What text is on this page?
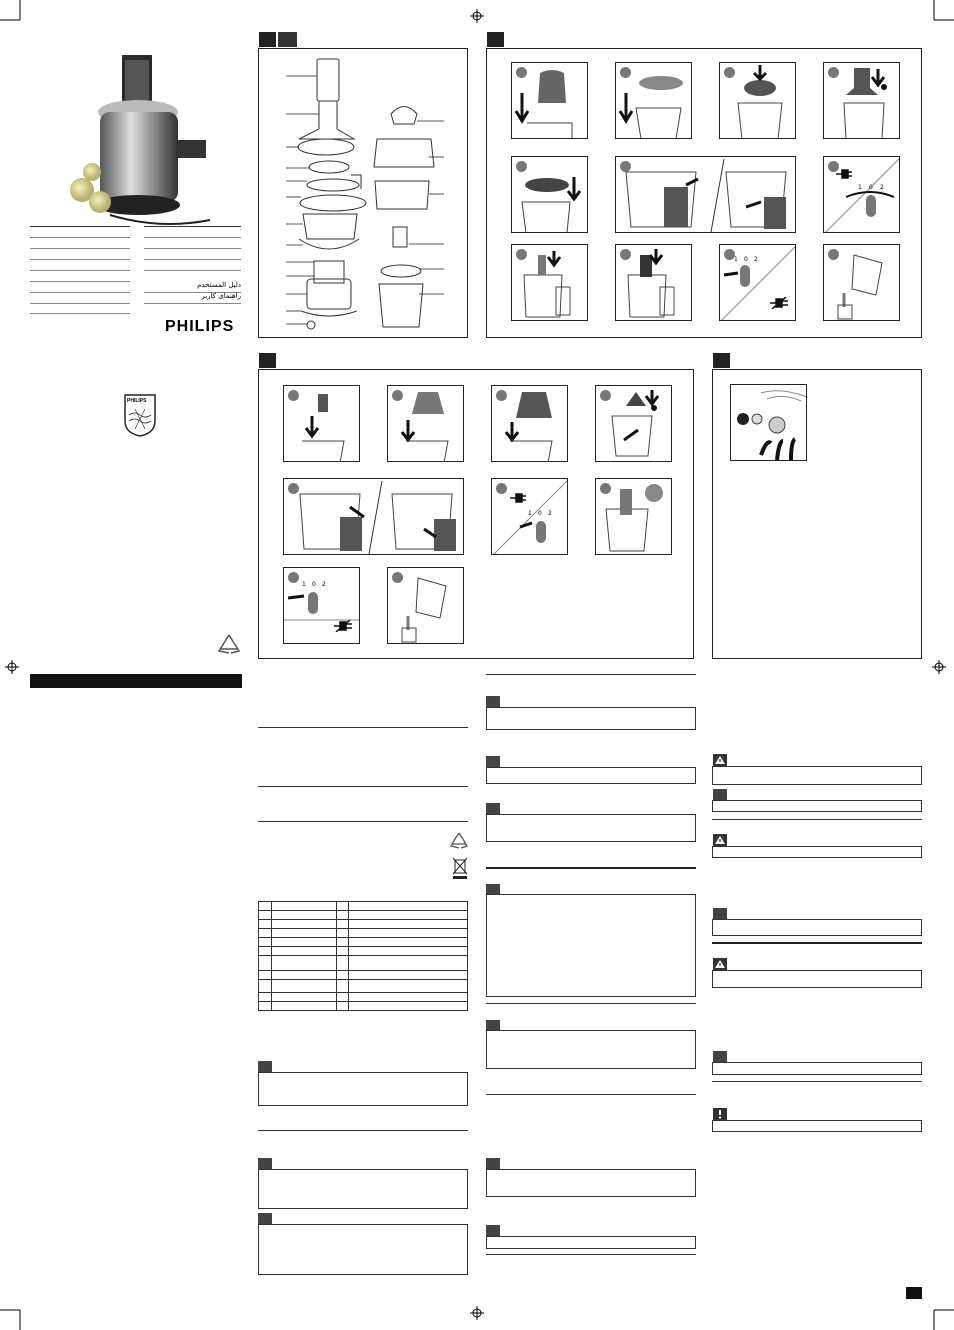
دليل المستخدم
راهنمای کاربر
PHILIPS
PHILIPS
1 0 2
1 0 2
1 0 2
1 0 2
